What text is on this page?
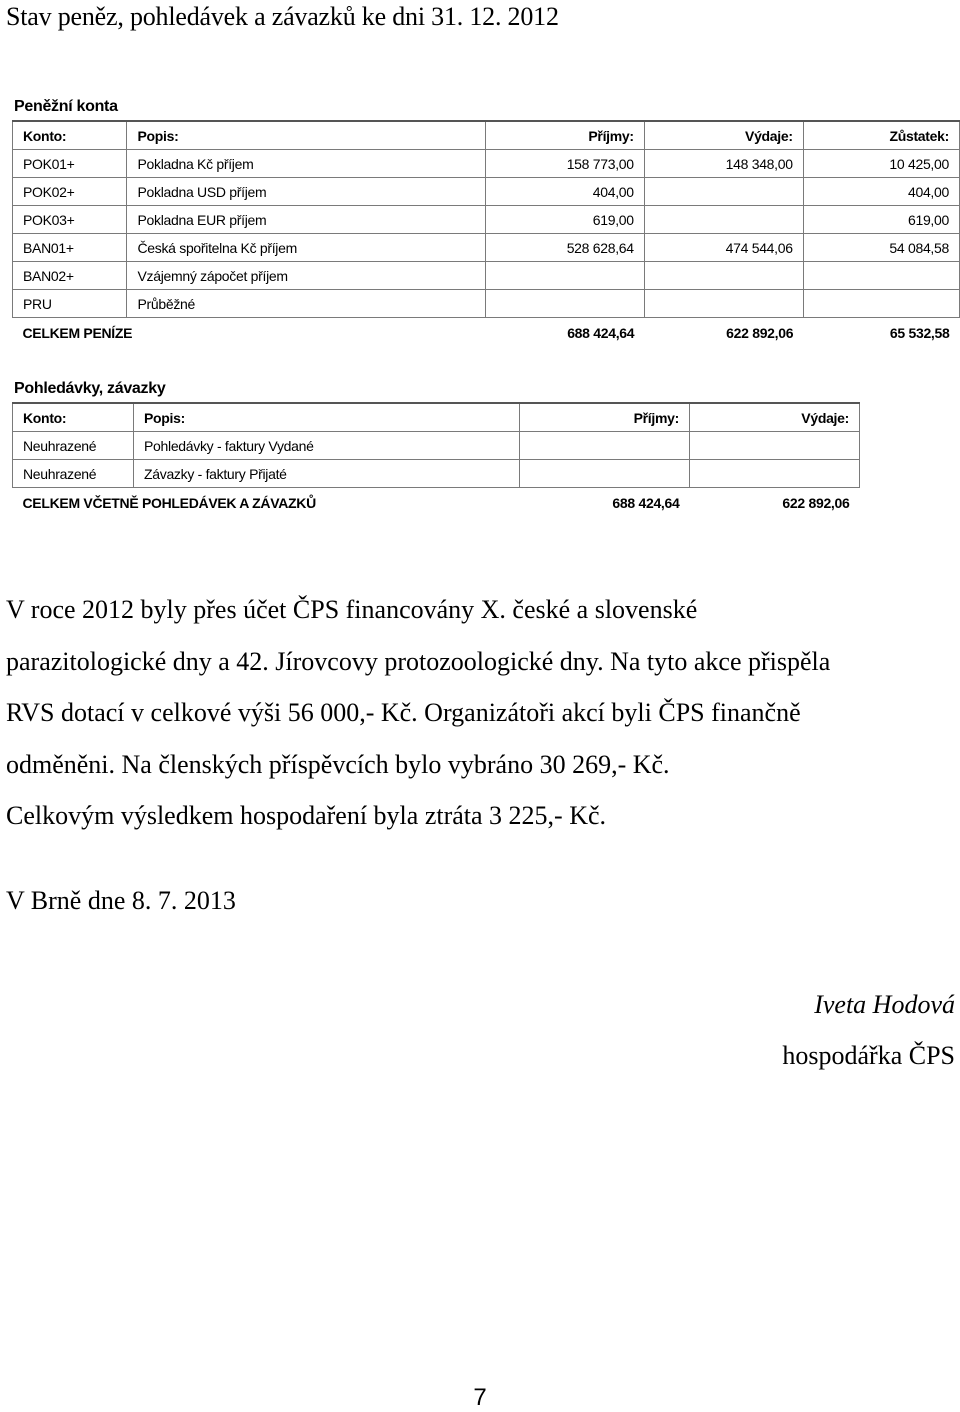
Stav peněz, pohledávek a závazků ke dni 31. 12. 2012
Peněžní konta
Konto:	Popis:	Příjmy:	Výdaje:	Zůstatek:
POK01+	Pokladna Kč příjem	158 773,00	148 348,00	10 425,00
POK02+	Pokladna USD příjem	404,00		404,00
POK03+	Pokladna EUR příjem	619,00		619,00
BAN01+	Česká spořitelna Kč příjem	528 628,64	474 544,06	54 084,58
BAN02+	Vzájemný zápočet příjem			
PRU	Průběžné			
CELKEM PENÍZE		688 424,64	622 892,06	65 532,58
Pohledávky, závazky
Konto:	Popis:	Příjmy:	Výdaje:
Neuhrazené	Pohledávky - faktury Vydané		
Neuhrazené	Závazky - faktury Přijaté		
CELKEM VČETNĚ POHLEDÁVEK A ZÁVAZKŮ		688 424,64	622 892,06

V roce 2012 byly přes účet ČPS financovány X. české a slovenské

parazitologické dny a 42. Jírovcovy protozoologické dny. Na tyto akce přispěla

RVS dotací v celkové výši 56 000,- Kč. Organizátoři akcí byli ČPS finančně

odměněni. Na členských příspěvcích bylo vybráno 30 269,- Kč.

Celkovým výsledkem hospodaření byla ztráta 3 225,- Kč.

V Brně dne 8. 7. 2013
Iveta Hodová
hospodářka ČPS
7
